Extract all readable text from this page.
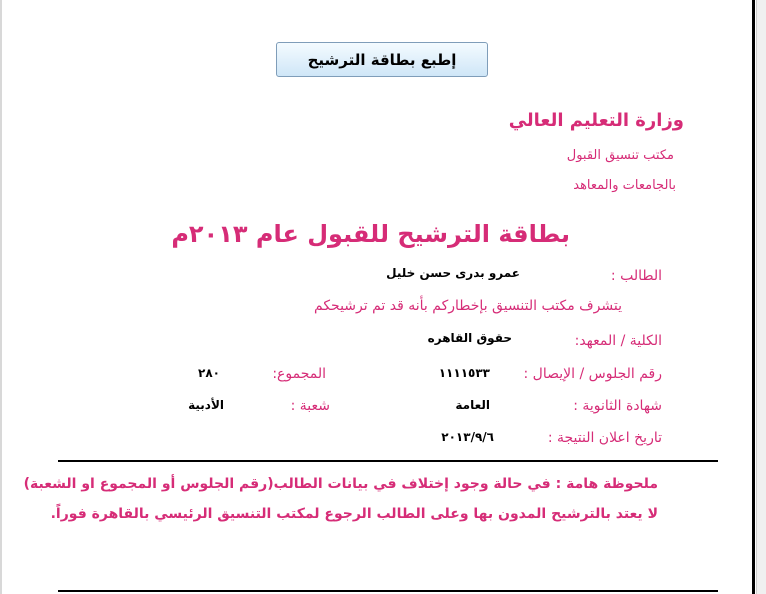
إطبع بطاقة الترشيح
وزارة التعليم العالي
مكتب تنسيق القبول
بالجامعات والمعاهد
بطاقة الترشيح للقبول عام ٢٠١٣م
الطالب :
عمرو بدرى حسن خليل
يتشرف مكتب التنسيق بإخطاركم بأنه قد تم ترشيحكم
الكلية / المعهد:
حقوق القاهره
رقم الجلوس / الإيصال :
١١١١٥٣٣
المجموع:
٢٨٠
شهادة الثانوية :
العامة
شعبة :
الأدبية
تاريخ اعلان النتيجة :
٢٠١٣/٩/٦
ملحوظة هامة : في حالة وجود إختلاف في بيانات الطالب(رقم الجلوس أو المجموع او الشعبة)
لا يعتد بالترشيح المدون بها وعلى الطالب الرجوع لمكتب التنسيق الرئيسي بالقاهرة فوراً.
